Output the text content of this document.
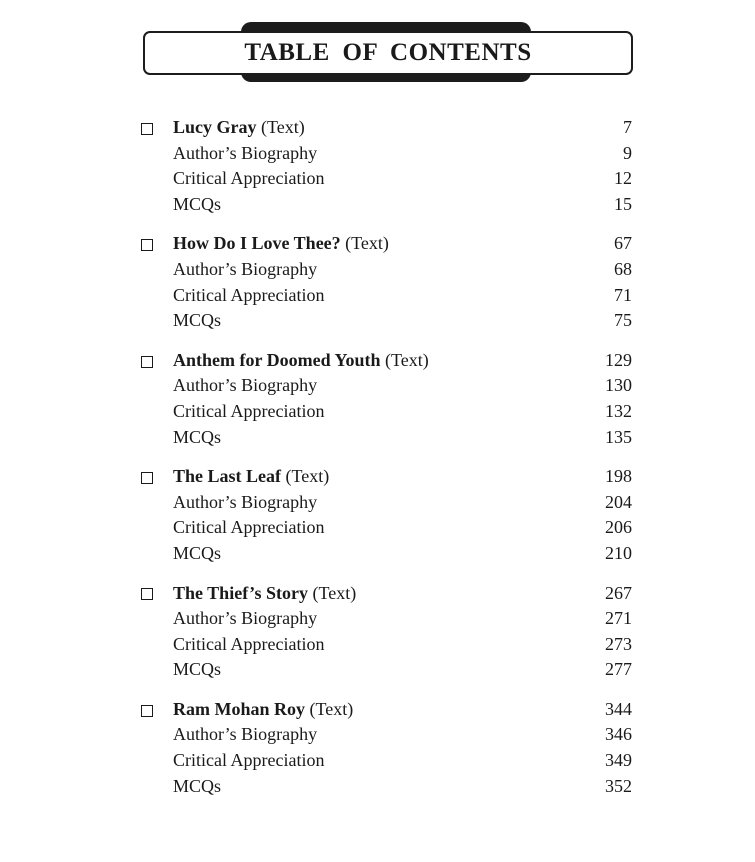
TABLE OF CONTENTS
Lucy Gray (Text)	7
Author’s Biography	9
Critical Appreciation	12
MCQs	15
How Do I Love Thee? (Text)	67
Author’s Biography	68
Critical Appreciation	71
MCQs	75
Anthem for Doomed Youth (Text)	129
Author’s Biography	130
Critical Appreciation	132
MCQs	135
The Last Leaf (Text)	198
Author’s Biography	204
Critical Appreciation	206
MCQs	210
The Thief’s Story (Text)	267
Author’s Biography	271
Critical Appreciation	273
MCQs	277
Ram Mohan Roy (Text)	344
Author’s Biography	346
Critical Appreciation	349
MCQs	352
